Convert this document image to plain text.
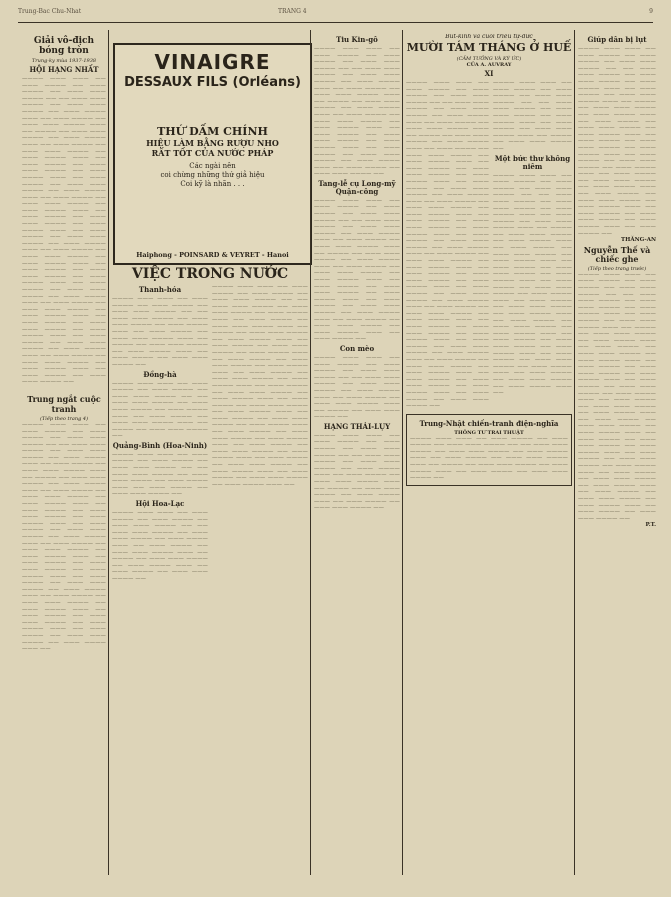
Trung-Bac Chu-Nhat	TRANG 4	9
Giải vô-địch bóng tròn
Trung-ky mùa 1937-1938
HỘI HẠNG NHẤT

———— ——— ——— —— ——— ———— —— ——— ———— —— ——— ——— ———— —— —— ——— ——— ———— —— ——— ——— ———— —— ——— ———— ——— —— ——— ———— —— ——— ——— ———— ——— —— ———— —— ——— ——— ———— —— ——— ———— ——— —— ——— ———— —— ——— ——— ———— —— ——— ———— ——— —— ——— ———— —— ——— ——— ———— —— ——— ———— ——— —— ——— ———— —— ——— ——— ———— —— ——— ———— ——— —— ——— ———— —— ——— ——— ———— —— ——— ———— ——— —— ——— ———— —— ——— ——— ———— —— ——— ———— ——— —— ——— ———— —— ——— ——— ———— —— ——— ———— ——— —— ——— ———— —— ——— ——— ———— —— ——— ———— ——— —— ——— ———— —— ——— ——— ———— —— ——— ———— ——— —— ——— ———— —— ——— ——— ———— —— ——— ———— ——— —— ——— ———— —— ——— ——— ———— —— ——— ———— ——— —— ——— ———— —— ——— ——— ———— —— ——— ———— ——— —— ——— ———— —— ——— ——— ———— —— ——— ———— ——— —— ——— ———— —— ——— ——— ———— —— ——— ———— ——— —— ——— ———— —— ——— ——— ———— ——

Trung ngắt cuộc tranh
(Tiếp theo trang 4)

———— ——— ——— —— ——— ———— —— ——— ———— —— ——— ——— ———— —— —— ——— ——— ———— —— ——— ——— ———— —— ——— ———— ——— —— ——— ———— —— ——— ——— ———— ——— —— ———— —— ——— ——— ———— —— ——— ———— ——— —— ——— ———— —— ——— ——— ———— —— ——— ———— ——— —— ——— ———— —— ——— ——— ———— —— ——— ———— ——— —— ——— ———— —— ——— ——— ———— —— ——— ———— ——— —— ——— ———— —— ——— ——— ———— —— ——— ———— ——— —— ——— ———— —— ——— ——— ———— —— ——— ———— ——— —— ——— ———— —— ——— ——— ———— —— ——— ———— ——— —— ——— ———— —— ——— ——— ———— —— ——— ———— ——— —— ——— ———— —— ——— ——— ———— —— ——— ———— ——— —— ——— ———— —— ——— ——— ———— —— ——— ———— ——— ——

VINAIGRE
DESSAUX FILS (Orléans)
THỨ DẤM CHÍNH
HIỆU LÀM BẰNG RƯỢU NHO
RẤT TỐT CỦA NƯỚC PHÁP
Các ngài nên
coi chừng những thứ giả hiệu
Coi kỹ là nhãn . . .
Haiphong - POINSARD & VEYRET - Hanoi
VIỆC TRONG NƯỚC
Thanh-hóa

———— ——— ——— —— ——— ———— —— ——— ———— —— ——— ——— ———— —— —— ——— ——— ———— —— ——— ——— ———— —— ——— ———— ——— —— ——— ———— —— ——— ——— ———— ——— —— ———— —— ——— ——— ———— —— ——— ———— ——— —— ——— ———— —— ——— ——— ———— ——

Đồng-hà

———— ——— ——— —— ——— ———— —— ——— ———— —— ——— ——— ———— —— —— ——— ——— ———— —— ——— ——— ———— —— ——— ———— ——— —— ——— ———— —— ——— ——— ———— ——— —— ———— —— ——— ——— ———— ——

Quảng-Bình (Hoa-Ninh)

———— ——— ——— —— ——— ———— —— ——— ———— —— ——— ——— ———— —— —— ——— ——— ———— —— ——— ——— ———— —— ——— ———— ——— —— ——— ———— —— ——— ——— ———— ——

Hội Hoa-Lạc

———— ——— ——— —— ——— ———— —— ——— ———— —— ——— ——— ———— —— —— ——— ——— ———— —— ——— ——— ———— —— ——— ———— ——— —— ——— ———— —— ——— ——— ———— ——— —— ———— —— ——— ——— ———— —— ——— ———— ——— —— ——— ———— —— ——— ——— ———— ——

———— ——— ——— —— ——— ———— —— ——— ———— —— ——— ——— ———— —— —— ——— ——— ———— —— ——— ——— ———— —— ——— ———— ——— —— ——— ———— —— ——— ——— ———— ——— —— ———— —— ——— ——— ———— —— ——— ———— ——— —— ——— ———— —— ——— ——— ———— —— ——— ———— ——— —— ——— ———— —— ——— ——— ———— —— ——— ———— ——— —— ——— ———— —— ——— ——— ———— —— ——— ———— ——— —— ——— ———— —— ——— ——— ———— —— ——— ———— ——— —— ——— ———— —— ——— ——— ———— —— ——— ———— ——— —— ——— ———— —— ——— ——— ———— —— ——— ———— ——— —— ——— ———— —— ——— ——— ———— —— ——— ———— ——— —— ——— ———— —— ——— ——— ———— —— ——— ———— ——— —— ——— ———— —— ——— ——— ———— —— ——— ———— ——— —— ——— ———— —— ——— ——— ———— —— ——— ———— ——— ——

Tiu Kin-gô

———— ——— ——— —— ——— ———— —— ——— ———— —— ——— ——— ———— —— —— ——— ——— ———— —— ——— ——— ———— —— ——— ———— ——— —— ——— ———— —— ——— ——— ———— ——— —— ———— —— ——— ——— ———— —— ——— ———— ——— —— ——— ———— —— ——— ——— ———— —— ——— ———— ——— —— ——— ———— —— ——— ——— ———— —— ——— ———— ——— —— ——— ———— —— ——— ——— ———— —— ——— ———— ——— —— ——— ———— —— ——— ——— ———— ——

Tang-lễ cụ Long-mỹ Quận-công

———— ——— ——— —— ——— ———— —— ——— ———— —— ——— ——— ———— —— —— ——— ——— ———— —— ——— ——— ———— —— ——— ———— ——— —— ——— ———— —— ——— ——— ———— ——— —— ———— —— ——— ——— ———— —— ——— ———— ——— —— ——— ———— —— ——— ——— ———— —— ——— ———— ——— —— ——— ———— —— ——— ——— ———— —— ——— ———— ——— —— ——— ———— —— ——— ——— ———— —— ——— ———— ——— —— ——— ———— —— ——— ——— ———— —— ——— ———— ——— —— ——— ———— ——

Con mèo

———— ——— ——— —— ——— ———— —— ——— ———— —— ——— ——— ———— —— —— ——— ——— ———— —— ——— ——— ———— —— ——— ———— ——— —— ——— ———— —— ——— ——— ———— ——— —— ———— —— ——— ——— ———— ——

HẠNG THÁI-LỤY

———— ——— ——— —— ——— ———— —— ——— ———— —— ——— ——— ———— —— —— ——— ——— ———— —— ——— ——— ———— —— ——— ———— ——— —— ——— ———— —— ——— ——— ———— ——— —— ———— —— ——— ——— ———— —— ——— ———— ——— —— ——— ———— —— ——— ——— ———— ——

Bút-kinh và cuối triều tự-đức
MƯỜI TÁM THÁNG Ở HUẾ
(CẢM TƯỞNG VÀ KÝ ỨC)
CỦA A. AUVRAY
XI

———— ——— ——— —— ——— ———— —— ——— ———— —— ——— ——— ———— —— —— ——— ——— ———— —— ——— ——— ———— —— ——— ———— ——— —— ——— ———— —— ——— ——— ———— ——— —— ———— —— ——— ——— ———— —— ——— ———— ——— —— ——— ———— —— ——— ——— ———— —— ——— ———— ——— —— ——— ———— —— ——— ——— ———— —— ——— ———— ——— —— ——— ———— —— ——— ——— ———— —— ——— ———— ——— —— ——— ———— —— ——— ——— ———— —— ——— ———— ——— —— ——— ———— —— ——— ——— ———— —— ——— ———— ——— —— ——— ———— —— ——— ——— ———— —— ——— ———— ——— —— ——— ———— —— ——— ——— ———— —— ——— ———— ——— —— ——— ———— —— ——— ——— ———— —— ——— ———— ——— —— ——— ———— —— ——— ——— ———— —— ——— ———— ——— —— ——— ———— —— ——— ——— ———— —— ——— ———— ——— —— ——— ———— —— ——— ——— ———— —— ——— ———— ——— —— ——— ———— —— ——— ——— ———— —— ——— ———— ——— —— ——— ———— —— ——— ——— ———— —— ——— ———— ——— —— ——— ———— —— ——— ——— ———— —— ——— ———— ——— —— ——— ———— —— ——— ——— ———— ——

———— ——— ——— —— ——— ———— —— ——— ———— —— ——— ——— ———— —— —— ——— ——— ———— —— ——— ——— ———— —— ——— ———— ——— —— ——— ———— —— ——— ——— ———— ——— —— ———— —— ——— ——— ———— ——

Một bức thư không niêm

———— ——— ——— —— ——— ———— —— ——— ———— —— ——— ——— ———— —— —— ——— ——— ———— —— ——— ——— ———— —— ——— ———— ——— —— ——— ———— —— ——— ——— ———— ——— —— ———— —— ——— ——— ———— —— ——— ———— ——— —— ——— ———— —— ——— ——— ———— —— ——— ———— ——— —— ——— ———— —— ——— ——— ———— —— ——— ———— ——— —— ——— ———— —— ——— ——— ———— —— ——— ———— ——— —— ——— ———— —— ——— ——— ———— —— ——— ———— ——— —— ——— ———— —— ——— ——— ———— —— ——— ———— ——— —— ——— ———— —— ——— ——— ———— —— ——— ———— ——— —— ——— ———— —— ——— ——— ———— —— ——— ———— ——— —— ——— ———— —— ——— ——— ———— —— ——— ———— ——— ——

Trung-Nhật chiến-tranh điện-nghĩa
THÔNG TƯ TRAI THUẬT

———— ——— ——— —— ——— ———— —— ——— ———— —— ——— ——— ———— —— —— ——— ——— ———— —— ——— ——— ———— —— ——— ———— ——— —— ——— ———— —— ——— ——— ———— ——— —— ———— —— ——— ——— ———— —— ——— ———— ——— —— ——— ———— —— ——— ——— ———— ——

Giúp dân bị lụt

———— ——— ——— —— ——— ———— —— ——— ———— —— ——— ——— ———— —— —— ——— ——— ———— —— ——— ——— ———— —— ——— ———— ——— —— ——— ———— —— ——— ——— ———— ——— —— ———— —— ——— ——— ———— —— ——— ———— ——— —— ——— ———— —— ——— ——— ———— —— ——— ———— ——— —— ——— ———— —— ——— ——— ———— —— ——— ———— ——— —— ——— ———— —— ——— ——— ———— —— ——— ———— ——— —— ——— ———— —— ——— ——— ———— —— ——— ———— ——— —— ——— ———— —— ——— ——— ———— —— ——— ———— ——— —— ——— ———— —— ——— ——— ———— —— ——— ———— ——— —— ——— ———— ——

THĂNG-AN
Nguyễn Thế và chiếc ghe
(Tiếp theo trang trước)

———— ——— ——— —— ——— ———— —— ——— ———— —— ——— ——— ———— —— —— ——— ——— ———— —— ——— ——— ———— —— ——— ———— ——— —— ——— ———— —— ——— ——— ———— ——— —— ———— —— ——— ——— ———— —— ——— ———— ——— —— ——— ———— —— ——— ——— ———— —— ——— ———— ——— —— ——— ———— —— ——— ——— ———— —— ——— ———— ——— —— ——— ———— —— ——— ——— ———— —— ——— ———— ——— —— ——— ———— —— ——— ——— ———— —— ——— ———— ——— —— ——— ———— —— ——— ——— ———— —— ——— ———— ——— —— ——— ———— —— ——— ——— ———— —— ——— ———— ——— —— ——— ———— —— ——— ——— ———— —— ——— ———— ——— —— ——— ———— —— ——— ——— ———— —— ——— ———— ——— —— ——— ———— —— ——— ——— ———— —— ——— ———— ——— —— ——— ———— —— ——— ——— ———— ——

P.T.
